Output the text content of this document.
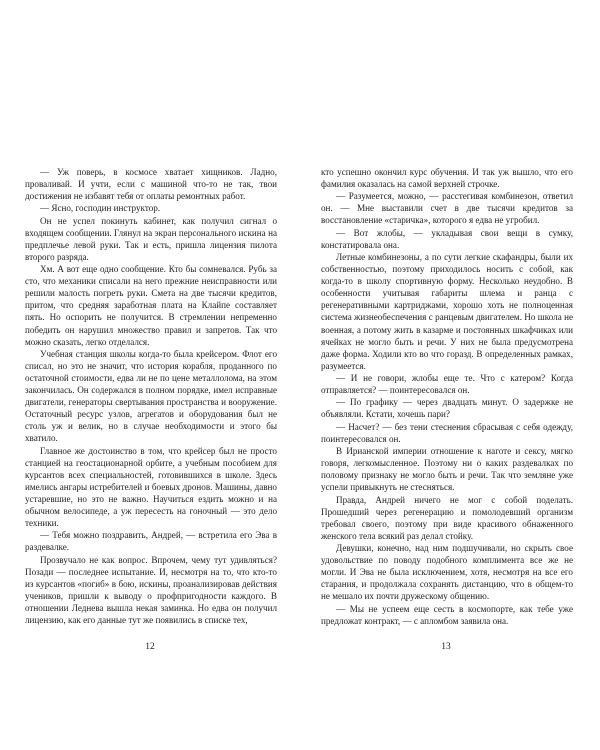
— Уж поверь, в космосе хватает хищников. Ладно, проваливай. И учти, если с машиной что-то не так, твои достижения не избавят тебя от оплаты ремонтных работ.

— Ясно, господин инструктор.

Он не успел покинуть кабинет, как получил сигнал о входящем сообщении. Глянул на экран персонального искина на предплечье левой руки. Так и есть, пришла лицензия пилота второго разряда.

Хм. А вот еще одно сообщение. Кто бы сомневался. Рубь за сто, что механики списали на него прежние неисправности или решили малость погреть руки. Смета на две тысячи кредитов, притом, что средняя заработная плата на Клайпе составляет пять. Но оспорить не получится. В стремлении непременно победить он нарушил множество правил и запретов. Так что можно сказать, легко отделался.

Учебная станция школы когда-то была крейсером. Флот его списал, но это не значит, что история корабля, проданного по остаточной стоимости, едва ли не по цене металлолома, на этом закончилась. Он содержался в полном порядке, имел исправные двигатели, генераторы свертывания пространства и вооружение. Остаточный ресурс узлов, агрегатов и оборудования был не столь уж и велик, но в случае необходимости и этого бы хватило.

Главное же достоинство в том, что крейсер был не просто станцией на геостационарной орбите, а учебным пособием для курсантов всех специальностей, готовившихся в школе. Здесь имелись ангары истребителей и боевых дронов. Машины, давно устаревшие, но это не важно. Научиться ездить можно и на обычном велосипеде, а уж пересесть на гоночный — это дело техники.

— Тебя можно поздравить, Андрей, — встретила его Эва в раздевалке.

Прозвучало не как вопрос. Впрочем, чему тут удивляться? Позади — последнее испытание. И, несмотря на то, что кто-то из курсантов «погиб» в бою, искины, проанализировав действия учеников, пришли к выводу о профпригодности каждого. В отношении Леднева вышла некая заминка. Но едва он получил лицензию, как его данные тут же появились в списке тех,

кто успешно окончил курс обучения. И так уж вышло, что его фамилия оказалась на самой верхней строчке.

— Разумеется, можно, — расстегивая комбинезон, ответил он. — Мне выставили счет в две тысячи кредитов за восстановление «старичка», которого я едва не угробил.

— Вот жлобы, — укладывая свои вещи в сумку, констатировала она.

Летные комбинезоны, а по сути легкие скафандры, были их собственностью, поэтому приходилось носить с собой, как когда-то в школу спортивную форму. Несколько неудобно. В особенности учитывая габариты шлема и ранца с регенеративными картриджами, хорошо хоть не полноценная система жизнеобеспечения с ранцевым двигателем. Но школа не военная, а потому жить в казарме и постоянных шкафчиках или ячейках не могло быть и речи. У них не была предусмотрена даже форма. Ходили кто во что горазд. В определенных рамках, разумеется.

— И не говори, жлобы еще те. Что с катером? Когда отправляется? — поинтересовался он.

— По графику — через двадцать минут. О задержке не объявляли. Кстати, хочешь пари?

— Насчет? — без тени стеснения сбрасывая с себя одежду, поинтересовался он.

В Ирианской империи отношение к наготе и сексу, мягко говоря, легкомысленное. Поэтому ни о каких раздевалках по половому признаку не могло быть и речи. Так что землянe уже успели привыкнуть не стесняться.

Правда, Андрей ничего не мог с собой поделать. Прошедший через регенерацию и помолодевший организм требовал своего, поэтому при виде красивого обнаженного женского тела всякий раз делал стойку.

Девушки, конечно, над ним подшучивали, но скрыть свое удовольствие по поводу подобного комплимента все же не могли. И Эва не была исключением, хотя, несмотря на все его старания, и продолжала сохранять дистанцию, что в общем-то не мешало их почти дружескому общению.

— Мы не успеем еще сесть в космопорте, как тебе уже предложат контракт, — с апломбом заявила она.

12	13
